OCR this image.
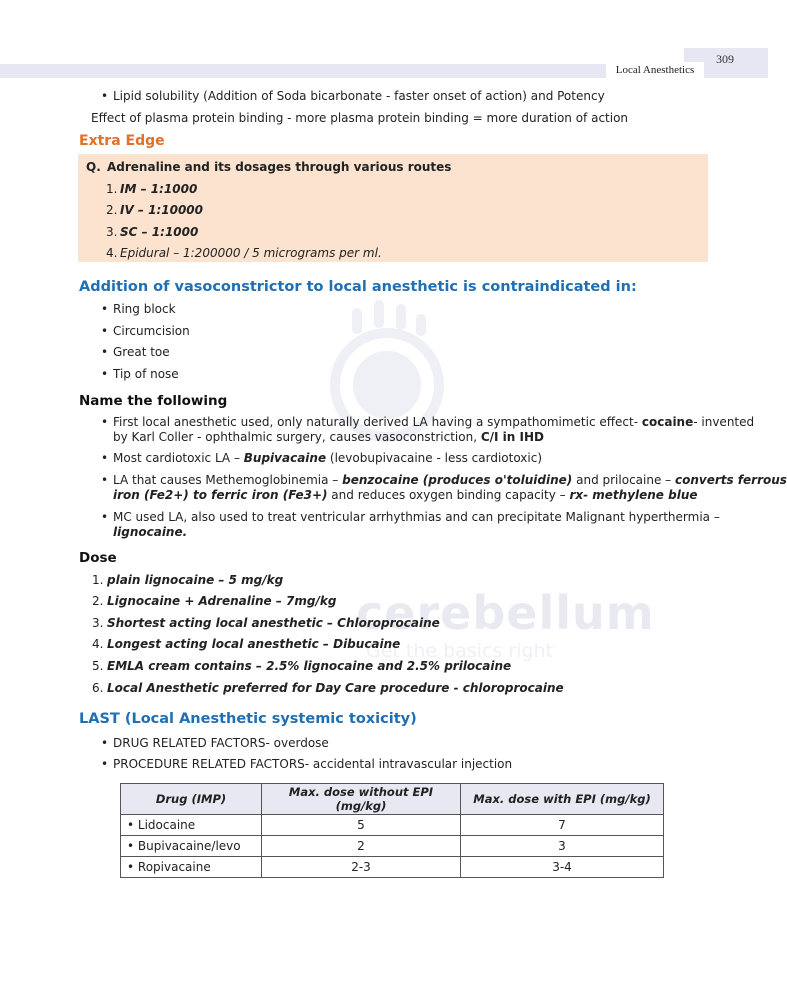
309
Local Anesthetics
cerebellum
Get the basics right
• Lipid solubility (Addition of Soda bicarbonate - faster onset of action) and Potency
Effect of plasma protein binding - more plasma protein binding = more duration of action
Extra Edge
Q. Adrenaline and its dosages through various routes
1. IM – 1:1000
2. IV – 1:10000
3. SC – 1:1000
4. Epidural – 1:200000 / 5 micrograms per ml.
Addition of vasoconstrictor to local anesthetic is contraindicated in:
• Ring block
• Circumcision
• Great toe
• Tip of nose
Name the following
• First local anesthetic used, only naturally derived LA having a sympathomimetic effect- cocaine- invented
by Karl Coller - ophthalmic surgery, causes vasoconstriction, C/I in IHD
• Most cardiotoxic LA – Bupivacaine (levobupivacaine - less cardiotoxic)
• LA that causes Methemoglobinemia – benzocaine (produces o'toluidine) and prilocaine – converts ferrous
iron (Fe2+) to ferric iron (Fe3+) and reduces oxygen binding capacity – rx- methylene blue
• MC used LA, also used to treat ventricular arrhythmias and can precipitate Malignant hyperthermia –
lignocaine.
Dose
1. plain lignocaine – 5 mg/kg
2. Lignocaine + Adrenaline – 7mg/kg
3. Shortest acting local anesthetic – Chloroprocaine
4. Longest acting local anesthetic – Dibucaine
5. EMLA cream contains – 2.5% lignocaine and 2.5% prilocaine
6. Local Anesthetic preferred for Day Care procedure - chloroprocaine
LAST (Local Anesthetic systemic toxicity)
• DRUG RELATED FACTORS- overdose
• PROCEDURE RELATED FACTORS- accidental intravascular injection
Drug (IMP)	Max. dose without EPI (mg/kg)	Max. dose with EPI (mg/kg)
• Lidocaine	5	7
• Bupivacaine/levo	2	3
• Ropivacaine	2-3	3-4
